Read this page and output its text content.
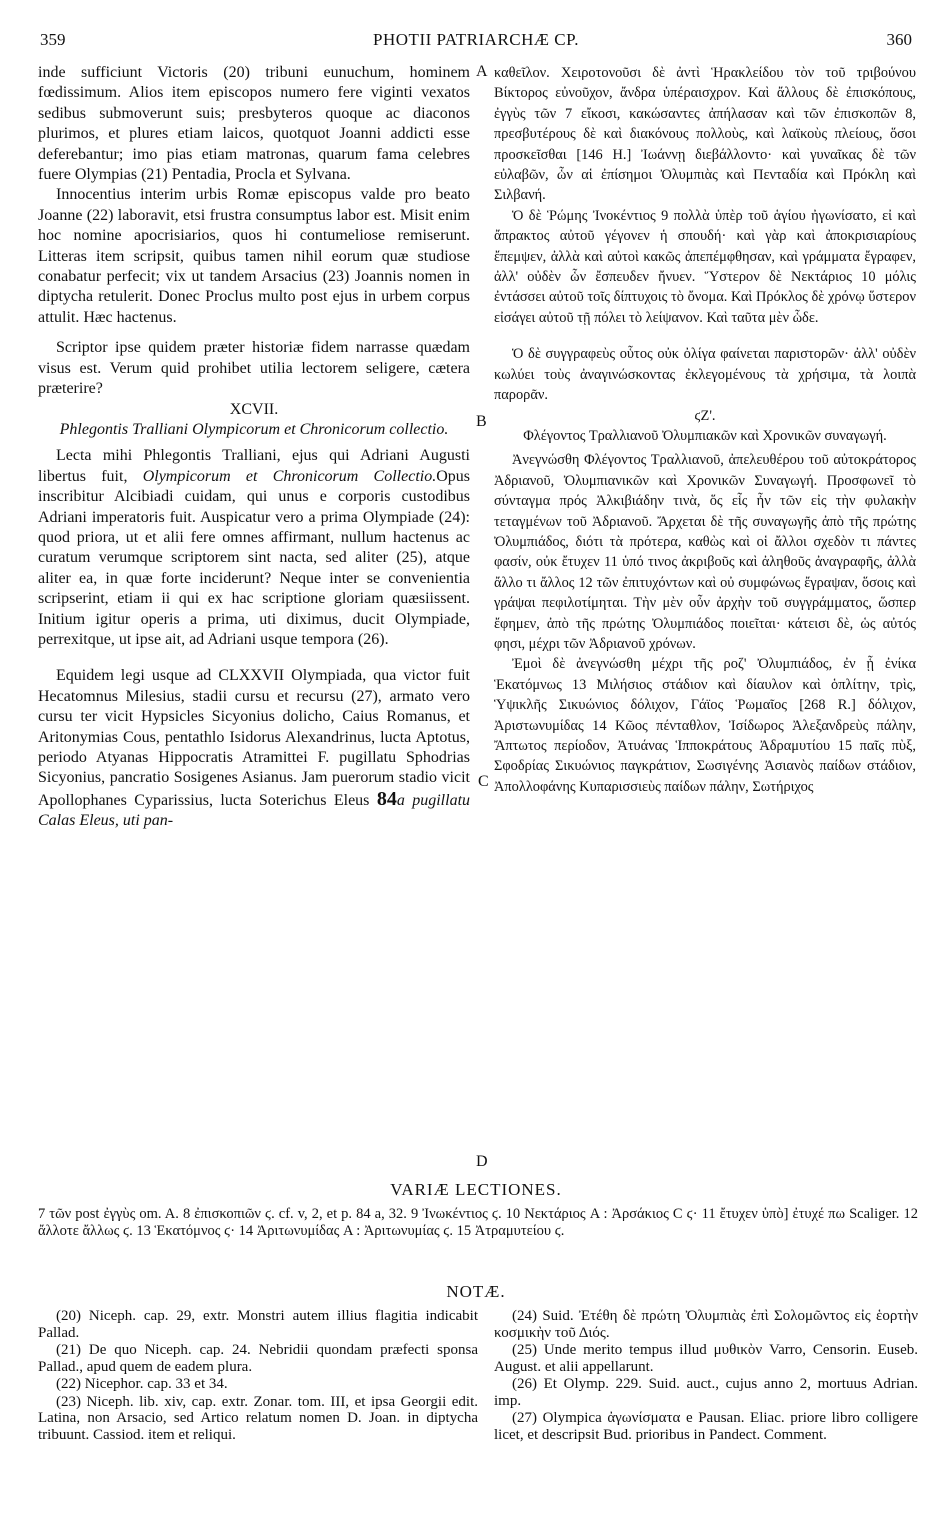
359	PHOTII PATRIARCHÆ CP.	360
A
B
C
D

inde sufficiunt Victoris (20) tribuni eunuchum, hominem fœdissimum. Alios item episcopos numero fere viginti vexatos sedibus submoverunt suis; presbyteros quoque ac diaconos plurimos, et plures etiam laicos, quotquot Joanni addicti esse deferebantur; imo pias etiam matronas, quarum fama celebres fuere Olympias (21) Pentadia, Procla et Sylvana.

Innocentius interim urbis Romæ episcopus valde pro beato Joanne (22) laboravit, etsi frustra consumptus labor est. Misit enim hoc nomine apocrisiarios, quos hi contumeliose remiserunt. Litteras item scripsit, quibus tamen nihil eorum quæ studiose conabatur perfecit; vix ut tandem Arsacius (23) Joannis nomen in diptycha retulerit. Donec Proclus multo post ejus in urbem corpus attulit. Hæc hactenus.

Scriptor ipse quidem præter historiæ fidem narrasse quædam visus est. Verum quid prohibet utilia lectorem seligere, cætera præterire?

XCVII.

Phlegontis Tralliani Olympicorum et Chronicorum collectio.

Lecta mihi Phlegontis Tralliani, ejus qui Adriani Augusti libertus fuit, Olympicorum et Chronicorum Collectio.Opus inscribitur Alcibiadi cuidam, qui unus e corporis custodibus Adriani imperatoris fuit. Auspicatur vero a prima Olympiade (24): quod priora, ut et alii fere omnes affirmant, nullum hactenus ac curatum verumque scriptorem sint nacta, sed aliter (25), atque aliter ea, in quæ forte inciderunt? Neque inter se convenientia scripserint, etiam ii qui ex hac scriptione gloriam quæsiissent. Initium igitur operis a prima, uti diximus, ducit Olympiade, perrexitque, ut ipse ait, ad Adriani usque tempora (26).

Equidem legi usque ad CLXXVII Olympiada, qua victor fuit Hecatomnus Milesius, stadii cursu et recursu (27), armato vero cursu ter vicit Hypsicles Sicyonius dolicho, Caius Romanus, et Aritonymias Cous, pentathlo Isidorus Alexandrinus, lucta Aptotus, periodo Atyanas Hippocratis Atramittei F. pugillatu Sphodrias Sicyonius, pancratio Sosigenes Asianus. Jam puerorum stadio vicit Apollophanes Cyparissius, lucta Soterichus Eleus 84a pugillatu Calas Eleus, uti pan-

καθεῖλον. Χειροτονοῦσι δὲ ἀντὶ Ἡρακλείδου τὸν τοῦ τριβούνου Βίκτορος εὐνοῦχον, ἄνδρα ὑπέραισχρον. Καὶ ἄλλους δὲ ἐπισκόπους, ἐγγὺς τῶν 7 εἴκοσι, κακώσαντες ἀπήλασαν καὶ τῶν ἐπισκοπῶν 8, πρεσβυτέρους δὲ καὶ διακόνους πολλοὺς, καὶ λαϊκοὺς πλείους, ὅσοι προσκεῖσθαι [146 H.] Ἰωάννῃ διεβάλλοντο· καὶ γυναῖκας δὲ τῶν εὐλαβῶν, ὧν αἱ ἐπίσημοι Ὀλυμπιὰς καὶ Πενταδία καὶ Πρόκλη καὶ Σιλβανή.

Ὁ δὲ Ῥώμης Ἰνοκέντιος 9 πολλὰ ὑπὲρ τοῦ ἁγίου ἠγωνίσατο, εἰ καὶ ἄπρακτος αὐτοῦ γέγονεν ἡ σπουδή· καὶ γὰρ καὶ ἀποκρισιαρίους ἔπεμψεν, ἀλλὰ καὶ αὐτοὶ κακῶς ἀπεπέμφθησαν, καὶ γράμματα ἔγραφεν, ἀλλ' οὐδὲν ὧν ἔσπευδεν ἤνυεν. Ὕστερον δὲ Νεκτάριος 10 μόλις ἐντάσσει αὐτοῦ τοῖς δίπτυχοις τὸ ὄνομα. Καὶ Πρόκλος δὲ χρόνῳ ὕστερον εἰσάγει αὐτοῦ τῇ πόλει τὸ λείψανον. Καὶ ταῦτα μὲν ὧδε.

Ὁ δὲ συγγραφεὺς οὗτος οὐκ ὀλίγα φαίνεται παριστορῶν· ἀλλ' οὐδὲν κωλύει τοὺς ἀναγινώσκοντας ἐκλεγομένους τὰ χρήσιμα, τὰ λοιπὰ παρορᾶν.

ϛΖ'.

Φλέγοντος Τραλλιανοῦ Ὀλυμπιακῶν καὶ Χρονικῶν συναγωγή.

Ἀνεγνώσθη Φλέγοντος Τραλλιανοῦ, ἀπελευθέρου τοῦ αὐτοκράτορος Ἀδριανοῦ, Ὀλυμπιανικῶν καὶ Χρονικῶν Συναγωγή. Προσφωνεῖ τὸ σύνταγμα πρός Ἀλκιβιάδην τινὰ, ὅς εἷς ἦν τῶν εἰς τὴν φυλακὴν τεταγμένων τοῦ Ἀδριανοῦ. Ἄρχεται δὲ τῆς συναγωγῆς ἀπὸ τῆς πρώτης Ὀλυμπιάδος, διότι τὰ πρότερα, καθὼς καὶ οἱ ἄλλοι σχεδὸν τι πάντες φασίν, οὐκ ἔτυχεν 11 ὑπό τινος ἀκριβοῦς καὶ ἀληθοῦς ἀναγραφῆς, ἀλλὰ ἄλλο τι ἄλλος 12 τῶν ἐπιτυχόντων καὶ οὐ συμφώνως ἔγραψαν, ὅσοις καὶ γράψαι πεφιλοτίμηται. Τὴν μὲν οὖν ἀρχὴν τοῦ συγγράμματος, ὥσπερ ἔφημεν, ἀπὸ τῆς πρώτης Ὀλυμπιάδος ποιεῖται· κάτεισι δὲ, ὡς αὐτός φησι, μέχρι τῶν Ἀδριανοῦ χρόνων.

Ἐμοὶ δὲ ἀνεγνώσθη μέχρι τῆς ροζ' Ὀλυμπιάδος, ἐν ᾗ ἐνίκα Ἑκατόμνως 13 Μιλήσιος στάδιον καὶ δίαυλον καὶ ὁπλίτην, τρὶς, Ὑψικλῆς Σικυώνιος δόλιχον, Γάϊος Ῥωμαῖος [268 R.] δόλιχον, Ἀριστωνυμίδας 14 Κῶος πένταθλον, Ἰσίδωρος Ἀλεξανδρεὺς πάλην, Ἄπτωτος περίοδον, Ἀτυάνας Ἱπποκράτους Ἀδραμυτίου 15 παῖς πὺξ, Σφοδρίας Σικυώνιος παγκράτιον, Σωσιγένης Ἀσιανὸς παίδων στάδιον, Ἀπολλοφάνης Κυπαρισσιεὺς παίδων πάλην, Σωτήριχος

VARIÆ LECTIONES.
7 τῶν post ἐγγὺς om. A. 8 ἐπισκοπιῶν ϛ. cf. v, 2, et p. 84 a, 32. 9 Ἰνωκέντιος ϛ. 10 Νεκτάριος A : Ἀρσάκιος C ϛ· 11 ἔτυχεν ὑπὸ] ἐτυχέ πω Scaliger. 12 ἄλλοτε ἄλλως ϛ. 13 Ἑκατόμνος ϛ· 14 Ἀριτωνυμίδας A : Ἀριτωνυμίας ϛ. 15 Ἀτραμυτείου ϛ.
NOTÆ.

(20) Niceph. cap. 29, extr. Monstri autem illius flagitia indicabit Pallad.

(21) De quo Niceph. cap. 24. Nebridii quondam præfecti sponsa Pallad., apud quem de eadem plura.

(22) Nicephor. cap. 33 et 34.

(23) Niceph. lib. xiv, cap. extr. Zonar. tom. III, et ipsa Georgii edit. Latina, non Arsacio, sed Artico relatum nomen D. Joan. in diptycha tribuunt. Cassiod. item et reliqui.

(24) Suid. Ἐτέθη δὲ πρώτη Ὀλυμπιὰς ἐπὶ Σολομῶντος εἰς ἑορτὴν κοσμικὴν τοῦ Διός.

(25) Unde merito tempus illud μυθικὸν Varro, Censorin. Euseb. August. et alii appellarunt.

(26) Et Olymp. 229. Suid. auct., cujus anno 2, mortuus Adrian. imp.

(27) Olympica ἀγωνίσματα e Pausan. Eliac. priore libro colligere licet, et descripsit Bud. prioribus in Pandect. Comment.
